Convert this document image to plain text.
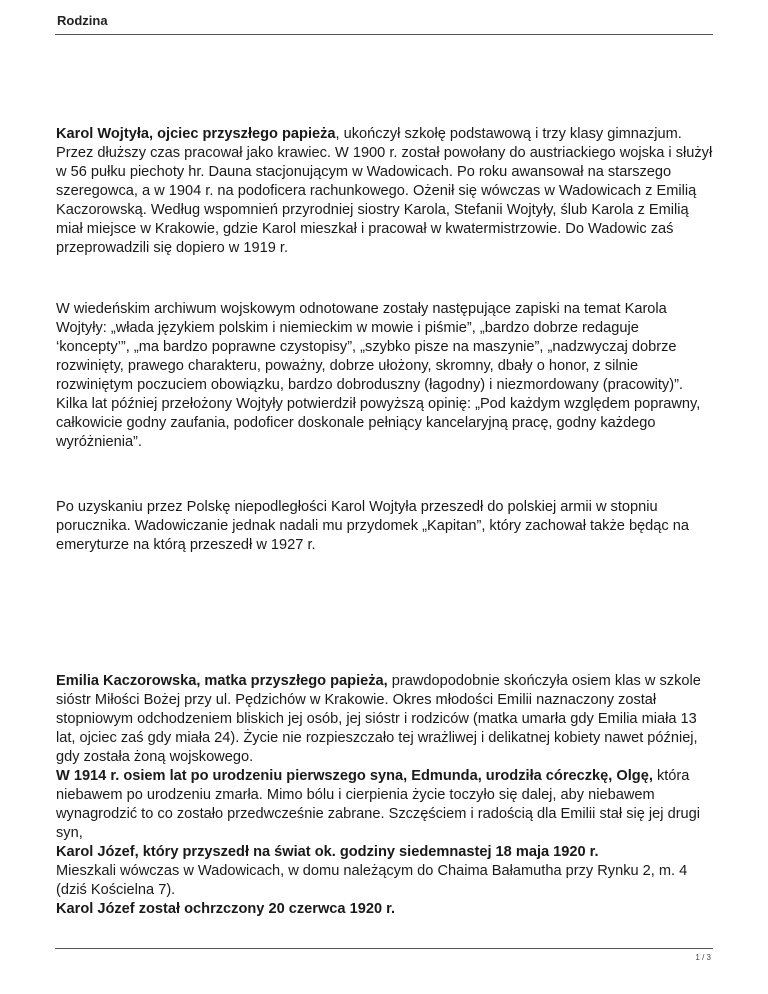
Rodzina

Karol Wojtyła, ojciec przyszłego papieża, ukończył szkołę podstawową i trzy klasy gimnazjum. Przez dłuższy czas pracował jako krawiec. W 1900 r. został powołany do austriackiego wojska i służył w 56 pułku piechoty hr. Dauna stacjonującym w Wadowicach. Po roku awansował na starszego szeregowca, a w 1904 r. na podoficera rachunkowego. Ożenił się wówczas w Wadowicach z Emilią Kaczorowską. Według wspomnień przyrodniej siostry Karola, Stefanii Wojtyły, ślub Karola z Emilią miał miejsce w Krakowie, gdzie Karol mieszkał i pracował w kwatermistrzowie. Do Wadowic zaś przeprowadzili się dopiero w 1919 r.

W wiedeńskim archiwum wojskowym odnotowane zostały następujące zapiski na temat Karola Wojtyły: „włada językiem polskim i niemieckim w mowie i piśmie”, „bardzo dobrze redaguje ‘koncepty’”, „ma bardzo poprawne czystopisy”, „szybko pisze na maszynie”, „nadzwyczaj dobrze rozwinięty, prawego charakteru, poważny, dobrze ułożony, skromny, dbały o honor, z silnie rozwiniętym poczuciem obowiązku, bardzo dobroduszny (łagodny) i niezmordowany (pracowity)”. Kilka lat później przełożony Wojtyły potwierdził powyższą opinię: „Pod każdym względem poprawny, całkowicie godny zaufania, podoficer doskonale pełniący kancelaryjną pracę, godny każdego wyróżnienia”.

Po uzyskaniu przez Polskę niepodległości Karol Wojtyła przeszedł do polskiej armii w stopniu porucznika. Wadowiczanie jednak nadali mu przydomek „Kapitan”, który zachował także będąc na emeryturze na którą przeszedł w 1927 r.

Emilia Kaczorowska, matka przyszłego papieża, prawdopodobnie skończyła osiem klas w szkole sióstr Miłości Bożej przy ul. Pędzichów w Krakowie. Okres młodości Emilii naznaczony został stopniowym odchodzeniem bliskich jej osób, jej sióstr i rodziców (matka umarła gdy Emilia miała 13 lat, ojciec zaś gdy miała 24). Życie nie rozpieszczało tej wrażliwej i delikatnej kobiety nawet później, gdy została żoną wojskowego.

W 1914 r. osiem lat po urodzeniu pierwszego syna, Edmunda, urodziła córeczkę, Olgę, która niebawem po urodzeniu zmarła. Mimo bólu i cierpienia życie toczyło się dalej, aby niebawem wynagrodzić to co zostało przedwcześnie zabrane. Szczęściem i radością dla Emilii stał się jej drugi syn,

Karol Józef, który przyszedł na świat ok. godziny siedemnastej 18 maja 1920 r.

Mieszkali wówczas w Wadowicach, w domu należącym do Chaima Bałamutha przy Rynku 2, m. 4 (dziś Kościelna 7).

Karol Józef został ochrzczony 20 czerwca 1920 r.

1 / 3
